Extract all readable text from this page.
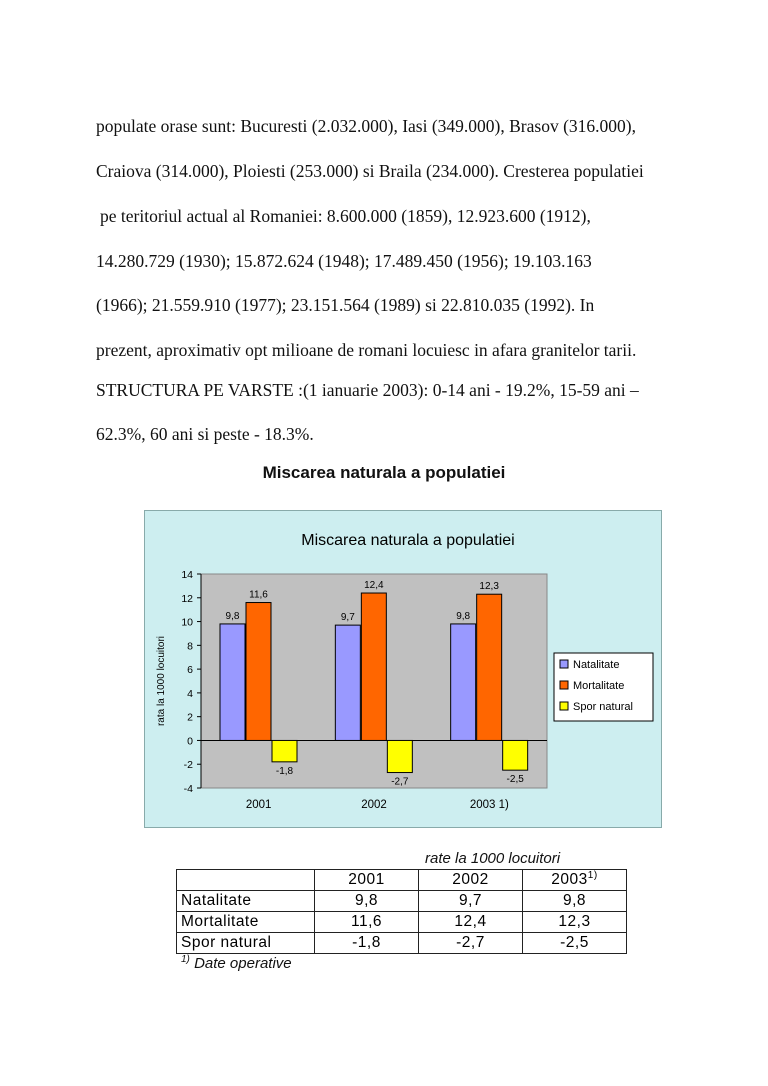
populate orase sunt: Bucuresti (2.032.000), Iasi (349.000), Brasov (316.000),
Craiova (314.000), Ploiesti (253.000) si Braila (234.000). Cresterea populatiei
pe teritoriul actual al Romaniei: 8.600.000 (1859), 12.923.600 (1912),
14.280.729 (1930); 15.872.624 (1948); 17.489.450 (1956); 19.103.163
(1966); 21.559.910 (1977); 23.151.564 (1989) si 22.810.035 (1992). In
prezent, aproximativ opt milioane de romani locuiesc in afara granitelor tarii.
STRUCTURA PE VARSTE :(1 ianuarie 2003): 0-14 ani - 19.2%, 15-59 ani –
62.3%, 60 ani si peste - 18.3%.
Miscarea naturala a populatiei
Miscarea naturala a populatiei
14
12
10
8
6
4
2
0
-2
-4
rata la 1000 locuitori
9,8
11,6
-1,8
2001
9,7
12,4
-2,7
2002
9,8
12,3
-2,5
2003 1)
Natalitate
Mortalitate
Spor natural
rate la 1000 locuitori
	2001	2002	2003$^{1)}$
Natalitate	9,8	9,7	9,8
Mortalitate	11,6	12,4	12,3
Spor natural	-1,8	-2,7	-2,5
$^{1)}$ Date operative
